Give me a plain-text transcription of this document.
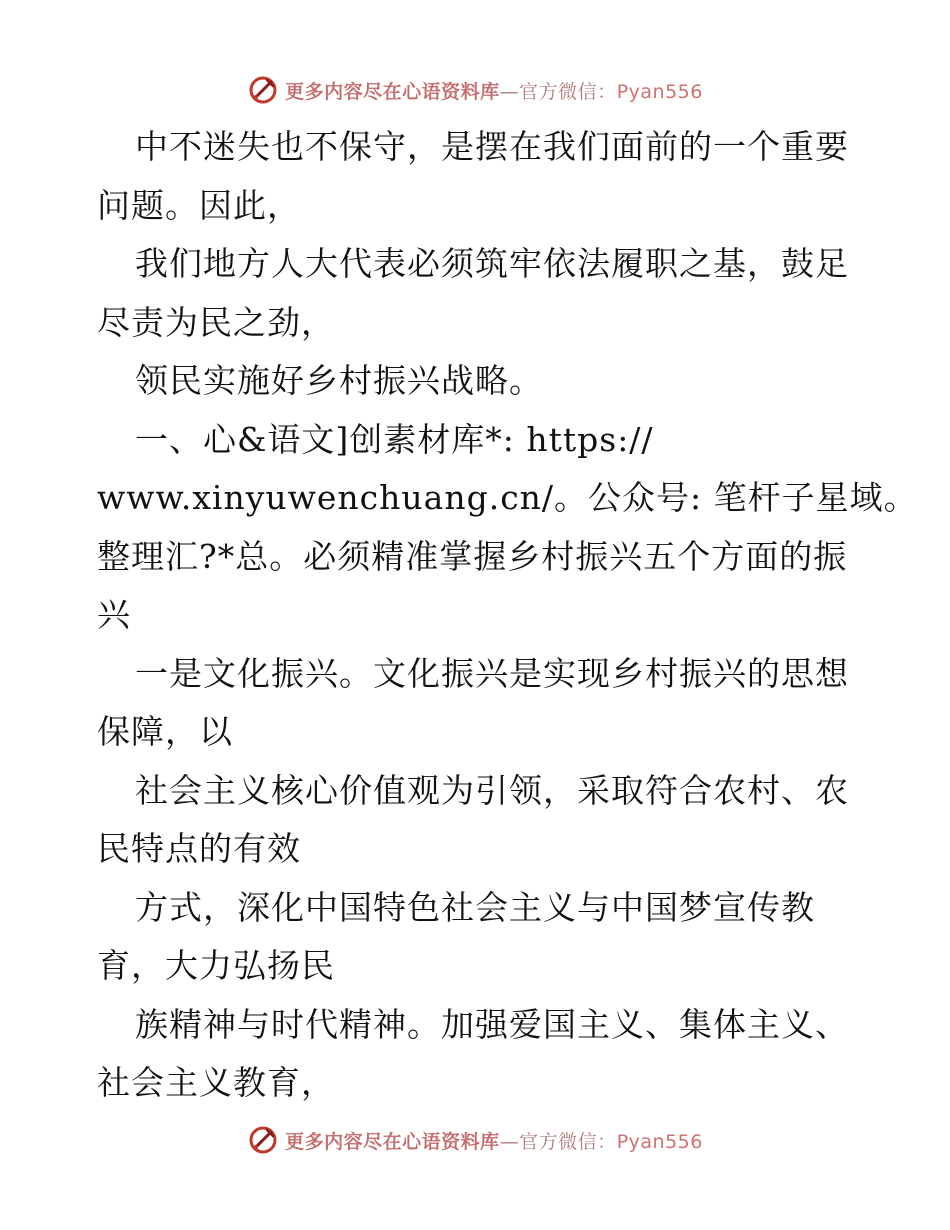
更多内容尽在心语资料库—官方微信：Pyan556
中不迷失也不保守，是摆在我们面前的一个重要
问题。因此，
我们地方人大代表必须筑牢依法履职之基，鼓足
尽责为民之劲，
领民实施好乡村振兴战略。
一、心&语文]创素材库*: https://
www.xinyuwenchuang.cn/。公众号: 笔杆子星域。
整理汇?*总。必须精准掌握乡村振兴五个方面的振
兴
一是文化振兴。文化振兴是实现乡村振兴的思想
保障，以
社会主义核心价值观为引领，采取符合农村、农
民特点的有效
方式，深化中国特色社会主义与中国梦宣传教
育，大力弘扬民
族精神与时代精神。加强爱国主义、集体主义、
社会主义教育，
更多内容尽在心语资料库—官方微信：Pyan556
